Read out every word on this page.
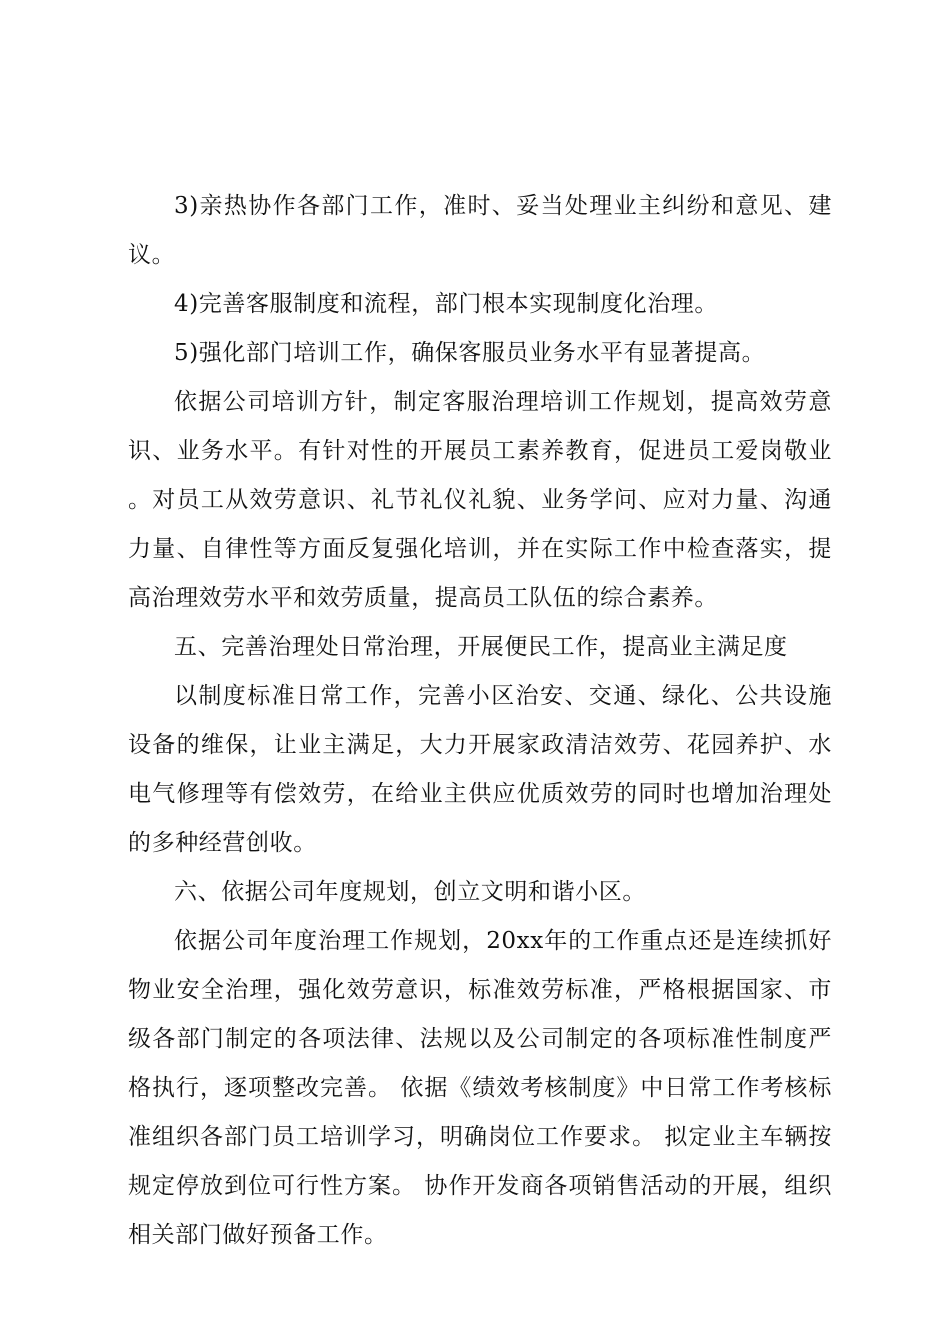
3)亲热协作各部门工作，准时、妥当处理业主纠纷和意见、建议。

4)完善客服制度和流程，部门根本实现制度化治理。

5)强化部门培训工作，确保客服员业务水平有显著提高。

依据公司培训方针，制定客服治理培训工作规划，提高效劳意识、业务水平。有针对性的开展员工素养教育，促进员工爱岗敬业 。对员工从效劳意识、礼节礼仪礼貌、业务学问、应对力量、沟通力量、自律性等方面反复强化培训，并在实际工作中检查落实，提高治理效劳水平和效劳质量，提高员工队伍的综合素养。

五、完善治理处日常治理，开展便民工作，提高业主满足度

以制度标准日常工作，完善小区治安、交通、绿化、公共设施设备的维保，让业主满足，大力开展家政清洁效劳、花园养护、水电气修理等有偿效劳，在给业主供应优质效劳的同时也增加治理处的多种经营创收。

六、依据公司年度规划，创立文明和谐小区。

依据公司年度治理工作规划，20xx年的工作重点还是连续抓好物业安全治理，强化效劳意识，标准效劳标准，严格根据国家、市级各部门制定的各项法律、法规以及公司制定的各项标准性制度严格执行，逐项整改完善。 依据《绩效考核制度》中日常工作考核标准组织各部门员工培训学习，明确岗位工作要求。 拟定业主车辆按规定停放到位可行性方案。 协作开发商各项销售活动的开展，组织相关部门做好预备工作。
